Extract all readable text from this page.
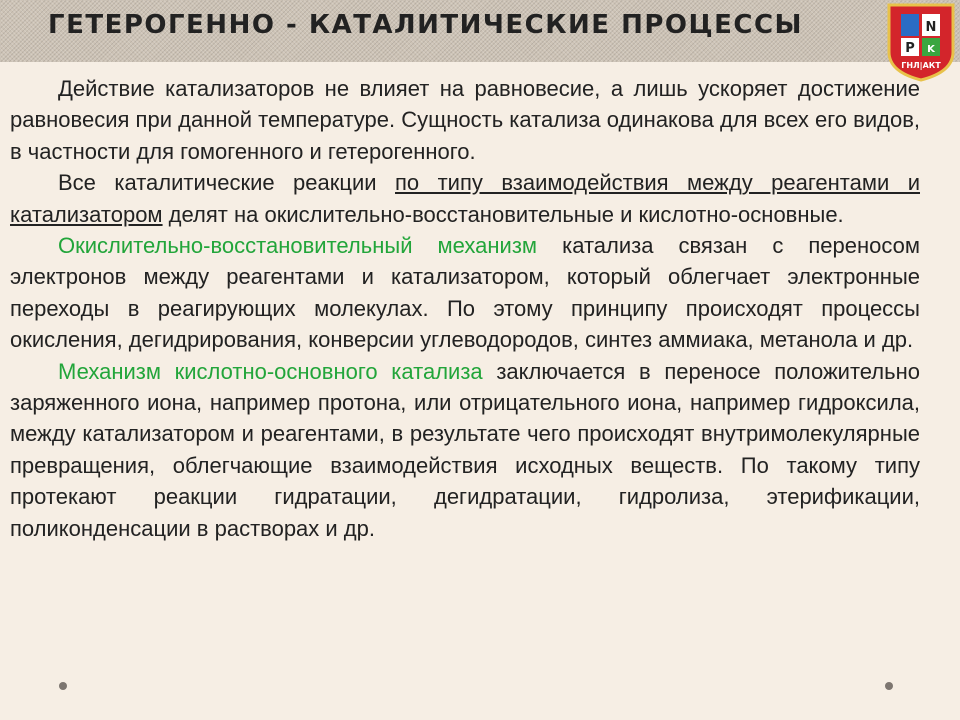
ГЕТЕРОГЕННО - КАТАЛИТИЧЕСКИЕ ПРОЦЕССЫ	N
P K
ГНЛ|АКТ

Действие катализаторов не влияет на равновесие, а лишь ускоряет достижение равновесия при данной температуре. Сущность катализа одинакова для всех его видов, в частности для гомогенного и гетерогенного.

Все каталитические реакции по типу взаимодействия между реагентами и катализатором делят на окислительно-восстановительные и кислотно-основные.

Окислительно-восстановительный механизм катализа связан с переносом электронов между реагентами и катализатором, который облегчает электронные переходы в реагирующих молекулах. По этому принципу происходят процессы окисления, дегидрирования, конверсии углеводородов, синтез аммиака, метанола и др.

Механизм кислотно-основного катализа заключается в переносе положительно заряженного иона, например протона, или отрицательного иона, например гидроксила, между катализатором и реагентами, в результате чего происходят внутримолекулярные превращения, облегчающие взаимодействия исходных веществ. По такому типу протекают реакции гидратации, дегидратации, гидролиза, этерификации, поликонденсации в растворах и др.
